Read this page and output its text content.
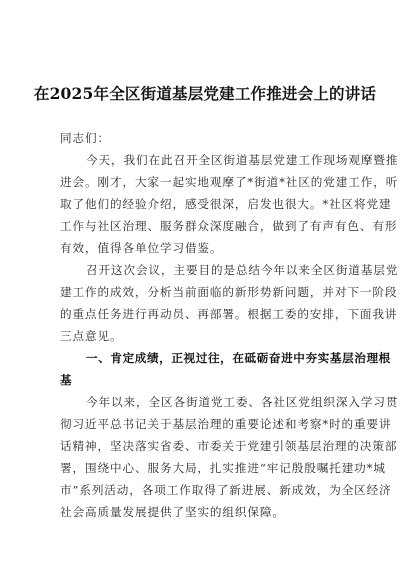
在2025年全区街道基层党建工作推进会上的讲话
同志们：
今天，我们在此召开全区街道基层党建工作现场观摩暨推
进会。刚才，大家一起实地观摩了*街道*社区的党建工作，听
取了他们的经验介绍，感受很深，启发也很大。*社区将党建
工作与社区治理、服务群众深度融合，做到了有声有色、有形
有效，值得各单位学习借鉴。
召开这次会议，主要目的是总结今年以来全区街道基层党
建工作的成效，分析当前面临的新形势新问题，并对下一阶段
的重点任务进行再动员、再部署。根据工委的安排，下面我讲
三点意见。
一、肯定成绩，正视过往，在砥砺奋进中夯实基层治理根
基
今年以来，全区各街道党工委、各社区党组织深入学习贯
彻习近平总书记关于基层治理的重要论述和考察*时的重要讲
话精神，坚决落实省委、市委关于党建引领基层治理的决策部
署，围绕中心、服务大局，扎实推进“牢记殷殷嘱托建功*城
市”系列活动，各项工作取得了新进展、新成效，为全区经济
社会高质量发展提供了坚实的组织保障。
